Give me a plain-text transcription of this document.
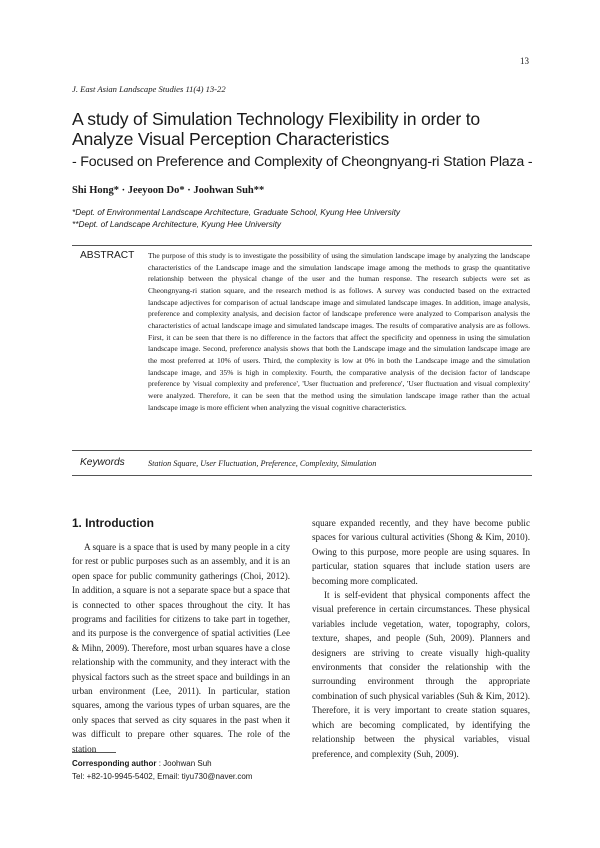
13
J. East Asian Landscape Studies 11(4) 13-22
A study of Simulation Technology Flexibility in order to Analyze Visual Perception Characteristics
- Focused on Preference and Complexity of Cheongnyang-ri Station Plaza -
Shi Hong* · Jeeyoon Do* · Joohwan Suh**
*Dept. of Environmental Landscape Architecture, Graduate School, Kyung Hee University
**Dept. of Landscape Architecture, Kyung Hee University
ABSTRACT The purpose of this study is to investigate the possibility of using the simulation landscape image by analyzing the landscape characteristics of the Landscape image and the simulation landscape image among the methods to grasp the quantitative relationship between the physical change of the user and the human response. The research subjects were set as Cheongnyang-ri station square, and the research method is as follows. A survey was conducted based on the extracted landscape adjectives for comparison of actual landscape image and simulated landscape images. In addition, image analysis, preference and complexity analysis, and decision factor of landscape preference were analyzed to Comparison analysis the characteristics of actual landscape image and simulated landscape images. The results of comparative analysis are as follows. First, it can be seen that there is no difference in the factors that affect the specificity and openness in using the simulation landscape image. Second, preference analysis shows that both the Landscape image and the simulation landscape image are the most preferred at 10% of users. Third, the complexity is low at 0% in both the Landscape image and the simulation landscape image, and 35% is high in complexity. Fourth, the comparative analysis of the decision factor of landscape preference by 'visual complexity and preference', 'User fluctuation and preference', 'User fluctuation and visual complexity' were analyzed. Therefore, it can be seen that the method using the simulation landscape image rather than the actual landscape image is more efficient when analyzing the visual cognitive characteristics.
Keywords	Station Square, User Fluctuation, Preference, Complexity, Simulation
1. Introduction

A square is a space that is used by many people in a city for rest or public purposes such as an assembly, and it is an open space for public community gatherings (Choi, 2012). In addition, a square is not a separate space but a space that is connected to other spaces throughout the city. It has programs and facilities for citizens to take part in together, and its purpose is the convergence of spatial activities (Lee & Mihn, 2009). Therefore, most urban squares have a close relationship with the community, and they interact with the physical factors such as the street space and buildings in an urban environment (Lee, 2011). In particular, station squares, among the various types of urban squares, are the only spaces that served as city squares in the past when it was difficult to prepare other squares. The role of the station

square expanded recently, and they have become public spaces for various cultural activities (Shong & Kim, 2010). Owing to this purpose, more people are using squares. In particular, station squares that include station users are becoming more complicated.

It is self-evident that physical components affect the visual preference in certain circumstances. These physical variables include vegetation, water, topography, colors, texture, shapes, and people (Suh, 2009). Planners and designers are striving to create visually high-quality environments that consider the relationship with the surrounding environment through the appropriate combination of such physical variables (Suh & Kim, 2012). Therefore, it is very important to create station squares, which are becoming complicated, by identifying the relationship between the physical variables, visual preference, and complexity (Suh, 2009).

Corresponding author : Joohwan Suh
Tel: +82-10-9945-5402, Email: tiyu730@naver.com
